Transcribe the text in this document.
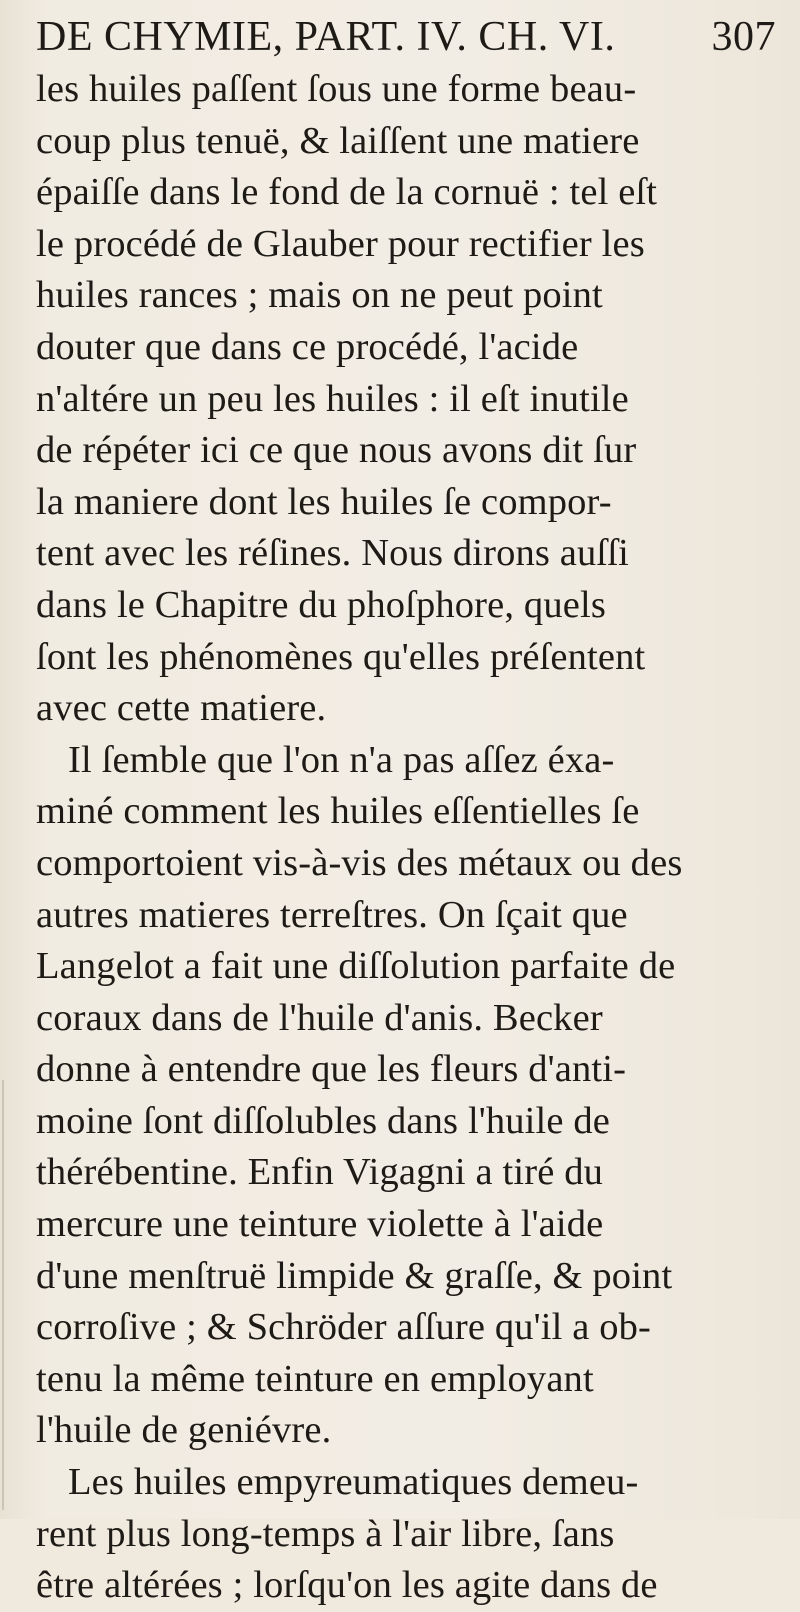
DE CHYMIE, PART. IV. CH. VI. 307
les huiles paſſent ſous une forme beau-
coup plus tenuë, & laiſſent une matiere
épaiſſe dans le fond de la cornuë : tel eſt
le procédé de Glauber pour rectifier les
huiles rances ; mais on ne peut point
douter que dans ce procédé, l'acide
n'altére un peu les huiles : il eſt inutile
de répéter ici ce que nous avons dit ſur
la maniere dont les huiles ſe compor-
tent avec les réſines. Nous dirons auſſi
dans le Chapitre du phoſphore, quels
ſont les phénomènes qu'elles préſentent
avec cette matiere.
Il ſemble que l'on n'a pas aſſez éxa-
miné comment les huiles eſſentielles ſe
comportoient vis-à-vis des métaux ou des
autres matieres terreſtres. On ſçait que
Langelot a fait une diſſolution parfaite de
coraux dans de l'huile d'anis. Becker
donne à entendre que les fleurs d'anti-
moine ſont diſſolubles dans l'huile de
thérébentine. Enfin Vigagni a tiré du
mercure une teinture violette à l'aide
d'une menſtruë limpide & graſſe, & point
corroſive ; & Schröder aſſure qu'il a ob-
tenu la même teinture en employant
l'huile de geniévre.
Les huiles empyreumatiques demeu-
rent plus long-temps à l'air libre, ſans
être altérées ; lorſqu'on les agite dans de
